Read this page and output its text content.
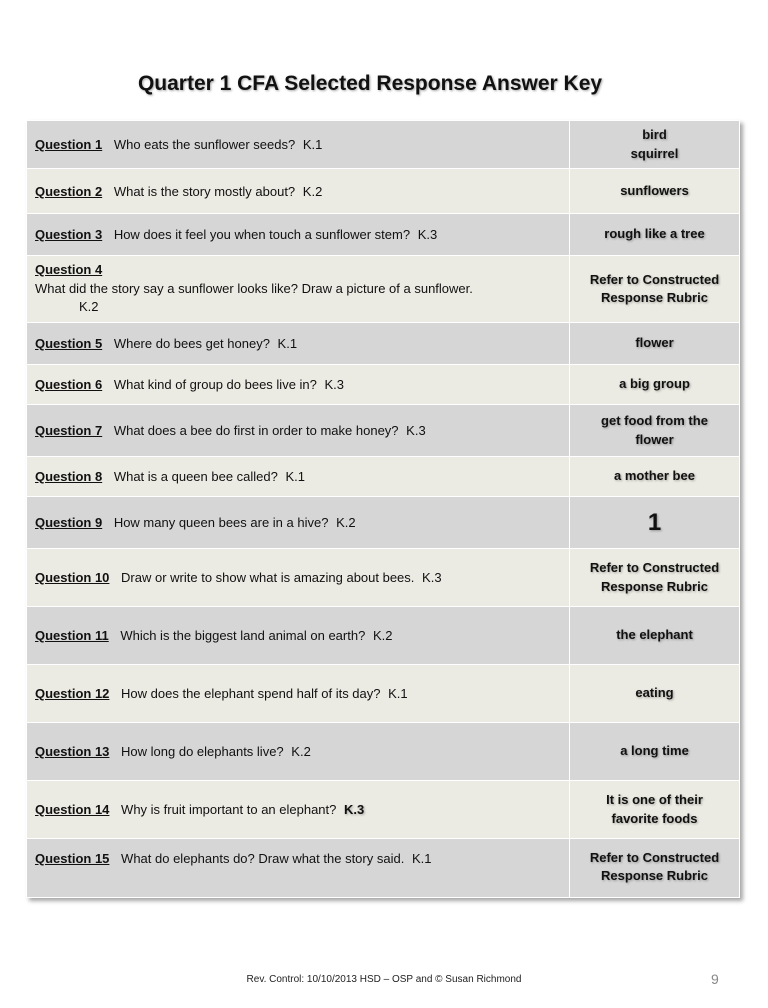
Quarter 1 CFA Selected Response Answer Key
Question 1 Who eats the sunflower seeds? K.1	bird
squirrel

Question 2 What is the story mostly about? K.2	sunflowers

Question 3 How does it feel you when touch a sunflower stem? K.3	rough like a tree

Question 4
What did the story say a sunflower looks like? Draw a picture of a sunflower.
K.2	Refer to Constructed
Response Rubric

Question 5 Where do bees get honey? K.1	flower

Question 6 What kind of group do bees live in? K.3	a big group

Question 7 What does a bee do first in order to make honey? K.3	get food from the
flower

Question 8 What is a queen bee called? K.1	a mother bee

Question 9 How many queen bees are in a hive? K.2	1

Question 10 Draw or write to show what is amazing about bees. K.3	Refer to Constructed
Response Rubric

Question 11 Which is the biggest land animal on earth? K.2	the elephant

Question 12 How does the elephant spend half of its day? K.1	eating

Question 13 How long do elephants live? K.2	a long time

Question 14 Why is fruit important to an elephant? K.3	It is one of their
favorite foods

Question 15 What do elephants do? Draw what the story said. K.1	Refer to Constructed
Response Rubric
Rev. Control: 10/10/2013 HSD – OSP and © Susan Richmond	9
